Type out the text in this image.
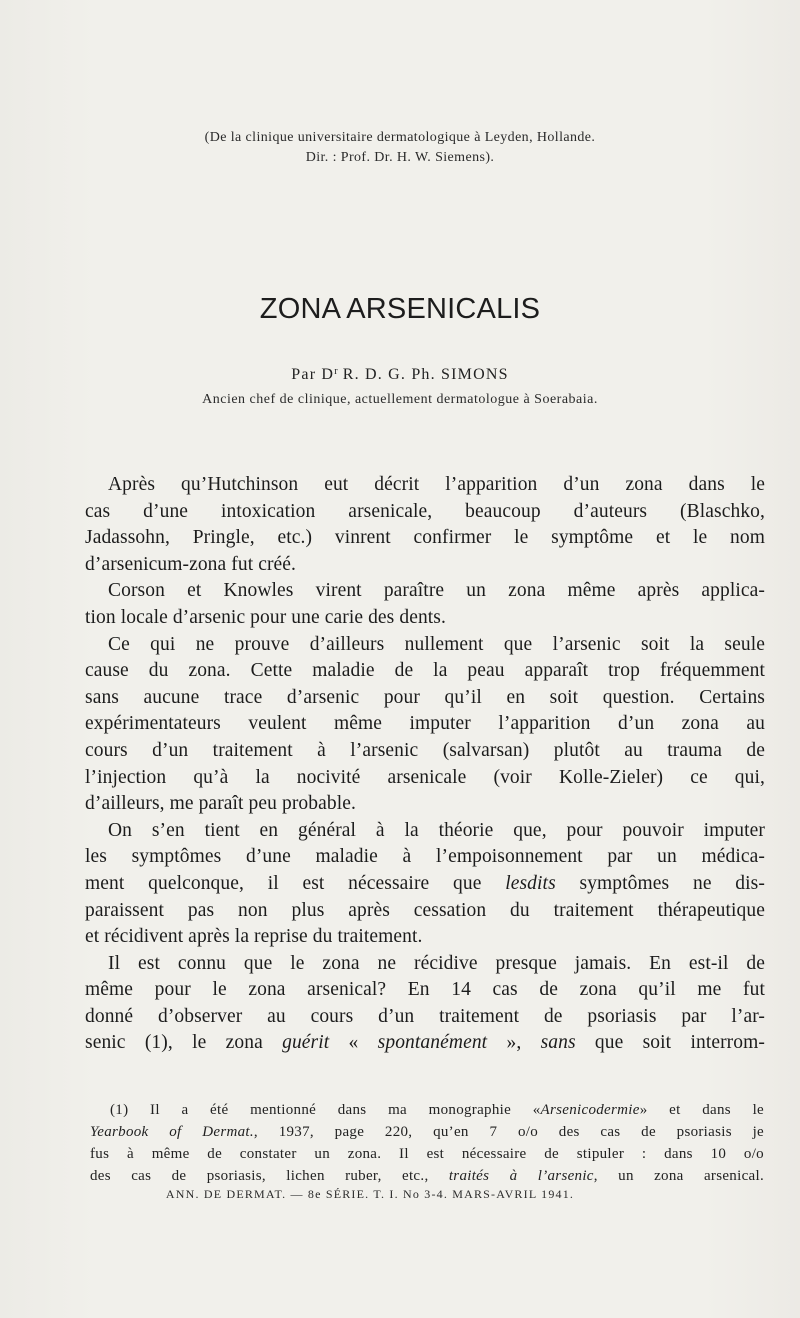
(De la clinique universitaire dermatologique à Leyden, Hollande.
Dir. : Prof. Dr. H. W. Siemens).
ZONA ARSENICALIS
Par $D^r$ R. D. G. Ph. SIMONS
Ancien chef de clinique, actuellement dermatologue à Soerabaia.

Après qu’Hutchinson eut décrit l’apparition d’un zona dans le

cas d’une intoxication arsenicale, beaucoup d’auteurs (Blaschko,

Jadassohn, Pringle, etc.) vinrent confirmer le symptôme et le nom

d’arsenicum-zona fut créé.

Corson et Knowles virent paraître un zona même après applica-

tion locale d’arsenic pour une carie des dents.

Ce qui ne prouve d’ailleurs nullement que l’arsenic soit la seule

cause du zona. Cette maladie de la peau apparaît trop fréquemment

sans aucune trace d’arsenic pour qu’il en soit question. Certains

expérimentateurs veulent même imputer l’apparition d’un zona au

cours d’un traitement à l’arsenic (salvarsan) plutôt au trauma de

l’injection qu’à la nocivité arsenicale (voir Kolle-Zieler) ce qui,

d’ailleurs, me paraît peu probable.

On s’en tient en général à la théorie que, pour pouvoir imputer

les symptômes d’une maladie à l’empoisonnement par un médica-

ment quelconque, il est nécessaire que lesdits symptômes ne dis-

paraissent pas non plus après cessation du traitement thérapeutique

et récidivent après la reprise du traitement.

Il est connu que le zona ne récidive presque jamais. En est-il de

même pour le zona arsenical? En 14 cas de zona qu’il me fut

donné d’observer au cours d’un traitement de psoriasis par l’ar-

senic (1), le zona guérit « spontanément », sans que soit interrom-

(1) Il a été mentionné dans ma monographie «Arsenicodermie» et dans le

Yearbook of Dermat., 1937, page 220, qu’en 7 o/o des cas de psoriasis je

fus à même de constater un zona. Il est nécessaire de stipuler : dans 10 o/o

des cas de psoriasis, lichen ruber, etc., traités à l’arsenic, un zona arsenical.

ANN. DE DERMAT. — 8e SÉRIE. T. I. No 3-4. MARS-AVRIL 1941.
